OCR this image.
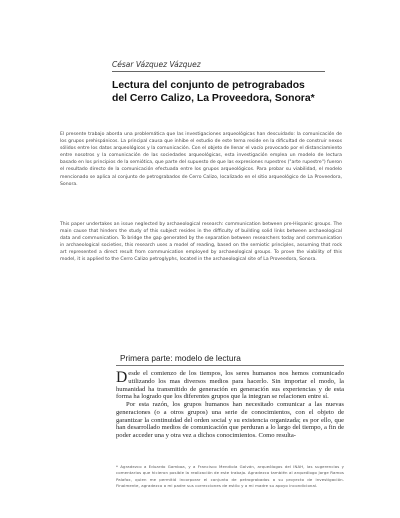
César Vázquez Vázquez
Lectura del conjunto de petrograbados
del Cerro Calizo, La Proveedora, Sonora*

El presente trabajo aborda una problemática que las investigaciones arqueológicas han descuidado: la comunicación de los grupos prehispánicos. La principal causa que inhibe el estudio de este tema reside en la dificultad de construir nexos sólidos entre los datos arqueológicos y la comunicación. Con el objeto de llenar el vacío provocado por el distanciamiento entre nosotros y la comunicación de las sociedades arqueológicas, esta investigación emplea un modelo de lectura basado en los principios de la semiótica, que parte del supuesto de que las expresiones rupestres ("arte rupestre") fueron el resultado directo de la comunicación efectuada entre los grupos arqueológicos. Para probar su viabilidad, el modelo mencionado se aplica al conjunto de petrograbados de Cerro Calizo, localizado en el sitio arqueológico de La Proveedora, Sonora.

This paper undertakes an issue neglected by archaeological research: communication between pre-Hispanic groups. The main cause that hinders the study of this subject resides in the difficulty of building solid links between archaeological data and communication. To bridge the gap generated by the separation between researchers today and communication in archaeological societies, this research uses a model of reading, based on the semiotic principles, assuming that rock art represented a direct result from communication employed by archaeological groups. To prove the viability of this model, it is applied to the Cerro Calizo petroglyphs, located in the archaeological site of La Proveedora, Sonora.

Primera parte: modelo de lectura

Desde el comienzo de los tiempos, los seres humanos nos hemos comunicado utilizando los mas diversos medios para hacerlo. Sin importar el modo, la humanidad ha transmitido de generación en generación sus experiencias y de esta forma ha logrado que los diferentes grupos que la integran se relacionen entre sí.

Por esta razón, los grupos humanos han necesitado comunicar a las nuevas generaciones (o a otros grupos) una serie de conocimientos, con el objeto de garantizar la continuidad del orden social y su existencia organizada; es por ello, que han desarrollado medios de comunicación que perduran a lo largo del tiempo, a fin de poder acceder una y otra vez a dichos conocimientos. Como resulta-

* Agradezco a Eduardo Gamboa, y a Francisco Mendiola Galván, arqueólogos del INAH, las sugerencias y comentarios que hicieron posible la realización de este trabajo. Agradezco también al arqueólogo Jorge Ramos Palafox, quien me permitió incorporar el conjunto de petrograbados a su proyecto de investigación. Finalmente, agradezco a mi padre sus correcciones de estilo y a mi madre su apoyo incondicional.
